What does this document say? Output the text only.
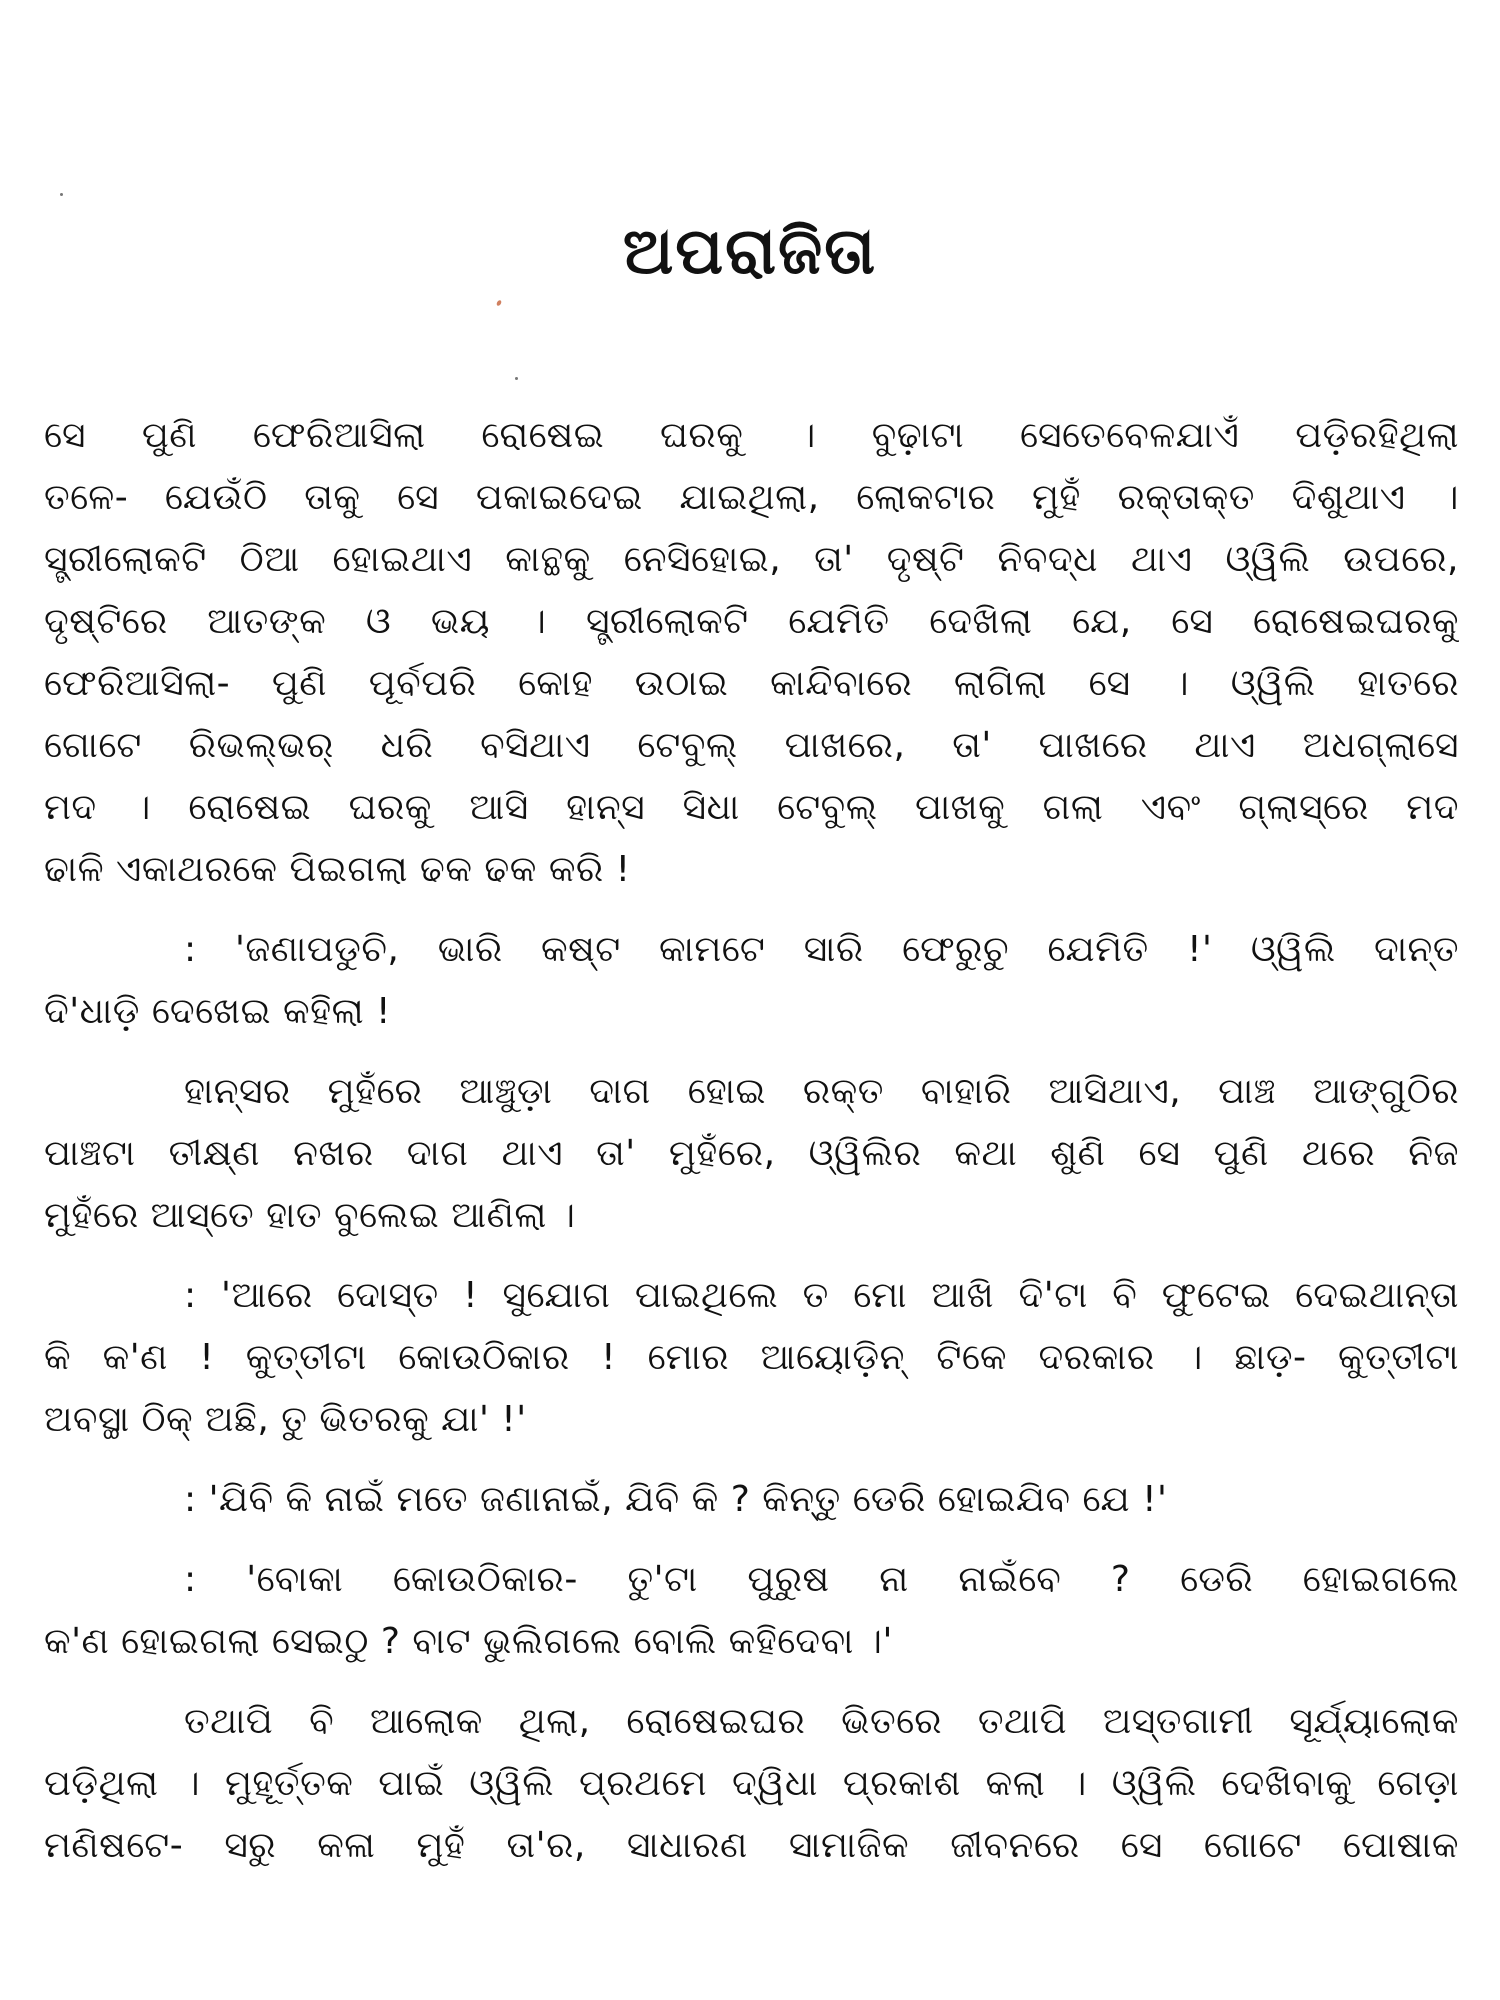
ଅପରାଜିତା
ସେ ପୁଣି ଫେରିଆସିଲା ରୋଷେଇ ଘରକୁ । ବୁଢ଼ାଟା ସେତେବେଳଯାଏଁ ପଡ଼ିରହିଥିଲା
ତଳେ- ଯେଉଁଠି ତାକୁ ସେ ପକାଇଦେଇ ଯାଇଥିଲା, ଲୋକଟାର ମୁହଁ ରକ୍ତାକ୍ତ ଦିଶୁଥାଏ ।
ସ୍ତ୍ରୀଲୋକଟି ଠିଆ ହୋଇଥାଏ କାନ୍ଥକୁ ନେସିହୋଇ, ତା' ଦୃଷ୍ଟି ନିବଦ୍ଧ ଥାଏ ଓ୍ୱିଲି ଉପରେ,
ଦୃଷ୍ଟିରେ ଆତଙ୍କ ଓ ଭୟ । ସ୍ତ୍ରୀଲୋକଟି ଯେମିତି ଦେଖିଲା ଯେ, ସେ ରୋଷେଇଘରକୁ
ଫେରିଆସିଲା- ପୁଣି ପୂର୍ବପରି କୋହ ଉଠାଇ କାନ୍ଦିବାରେ ଲାଗିଲା ସେ । ଓ୍ୱିଲି ହାତରେ
ଗୋଟେ ରିଭଲ୍‌ଭର୍ ଧରି ବସିଥାଏ ଟେବୁଲ୍ ପାଖରେ, ତା' ପାଖରେ ଥାଏ ଅଧଗ୍ଲାସେ
ମଦ । ରୋଷେଇ ଘରକୁ ଆସି ହାନ୍‌ସ ସିଧା ଟେବୁଲ୍ ପାଖକୁ ଗଲା ଏବଂ ଗ୍ଲାସ୍‌ରେ ମଦ
ଢାଳି ଏକାଥରକେ ପିଇଗଲା ଢକ ଢକ କରି !
: 'ଜଣାପଡୁଚି, ଭାରି କଷ୍ଟ କାମଟେ ସାରି ଫେରୁଚୁ ଯେମିତି !' ଓ୍ୱିଲି ଦାନ୍ତ
ଦି'ଧାଡ଼ି ଦେଖେଇ କହିଲା !
ହାନ୍‌ସର ମୁହଁରେ ଆଞ୍ଚୁଡ଼ା ଦାଗ ହୋଇ ରକ୍ତ ବାହାରି ଆସିଥାଏ, ପାଞ୍ଚ ଆଙ୍ଗୁଠିର
ପାଞ୍ଚଟା ତୀକ୍ଷ୍ଣ ନଖର ଦାଗ ଥାଏ ତା' ମୁହଁରେ, ଓ୍ୱିଲିର କଥା ଶୁଣି ସେ ପୁଣି ଥରେ ନିଜ
ମୁହଁରେ ଆସ୍ତେ ହାତ ବୁଲେଇ ଆଣିଲା ।
: 'ଆରେ ଦୋସ୍ତ ! ସୁଯୋଗ ପାଇଥିଲେ ତ ମୋ ଆଖି ଦି'ଟା ବି ଫୁଟେଇ ଦେଇଥାନ୍ତା
କି କ'ଣ ! କୁତ୍ତୀଟା କୋଉଠିକାର ! ମୋର ଆୟୋଡ଼ିନ୍ ଟିକେ ଦରକାର । ଛାଡ଼- କୁତ୍ତୀଟା
ଅବସ୍ଥା ଠିକ୍ ଅଛି, ତୁ ଭିତରକୁ ଯା' !'
: 'ଯିବି କି ନାଇଁ ମତେ ଜଣାନାଇଁ, ଯିବି କି ? କିନ୍ତୁ ଡେରି ହୋଇଯିବ ଯେ !'
: 'ବୋକା କୋଉଠିକାର- ତୁ'ଟା ପୁରୁଷ ନା ନାଇଁବେ ? ଡେରି ହୋଇଗଲେ
କ'ଣ ହୋଇଗଲା ସେଇଠୁ ? ବାଟ ଭୁଲିଗଲେ ବୋଲି କହିଦେବା ।'
ତଥାପି ବି ଆଲୋକ ଥିଲା, ରୋଷେଇଘର ଭିତରେ ତଥାପି ଅସ୍ତଗାମୀ ସୂର୍ଯ୍ୟାଲୋକ
ପଡ଼ିଥିଲା । ମୁହୂର୍ତ୍ତକ ପାଇଁ ଓ୍ୱିଲି ପ୍ରଥମେ ଦ୍ୱିଧା ପ୍ରକାଶ କଲା । ଓ୍ୱିଲି ଦେଖିବାକୁ ଗେଡ଼ା
ମଣିଷଟେ- ସରୁ କଳା ମୁହଁ ତା'ର, ସାଧାରଣ ସାମାଜିକ ଜୀବନରେ ସେ ଗୋଟେ ପୋଷାକ
